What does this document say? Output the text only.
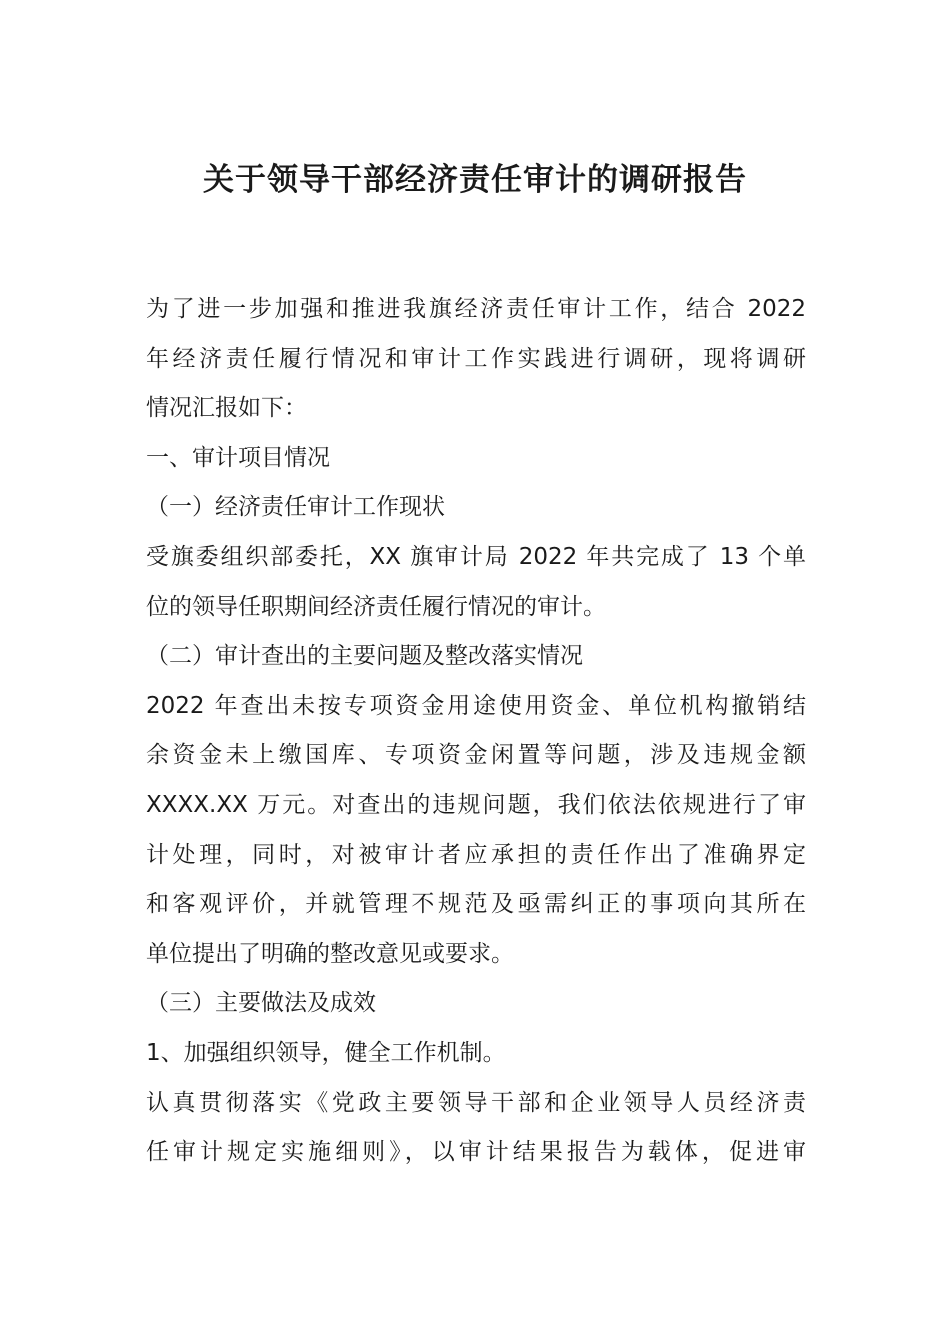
关于领导干部经济责任审计的调研报告
为了进一步加强和推进我旗经济责任审计工作，结合 2022
年经济责任履行情况和审计工作实践进行调研，现将调研
情况汇报如下：
一、审计项目情况
（一）经济责任审计工作现状
受旗委组织部委托，XX 旗审计局 2022 年共完成了 13 个单
位的领导任职期间经济责任履行情况的审计。
（二）审计查出的主要问题及整改落实情况
2022 年查出未按专项资金用途使用资金、单位机构撤销结
余资金未上缴国库、专项资金闲置等问题，涉及违规金额
XXXX.XX 万元。对查出的违规问题，我们依法依规进行了审
计处理，同时，对被审计者应承担的责任作出了准确界定
和客观评价，并就管理不规范及亟需纠正的事项向其所在
单位提出了明确的整改意见或要求。
（三）主要做法及成效
1、加强组织领导，健全工作机制。
认真贯彻落实《党政主要领导干部和企业领导人员经济责
任审计规定实施细则》，以审计结果报告为载体，促进审
